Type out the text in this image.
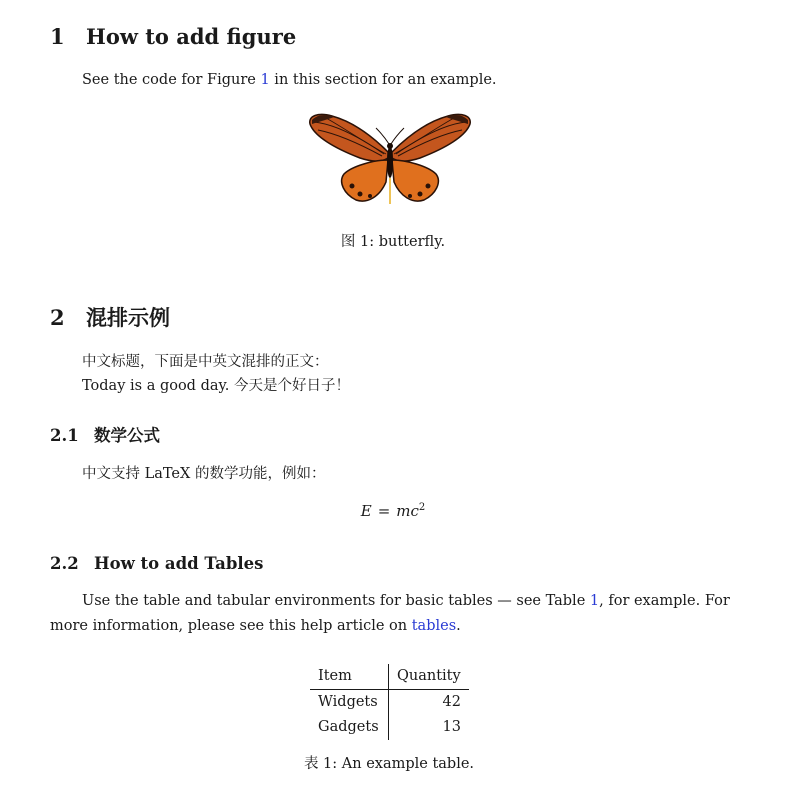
1 How to add figure
See the code for Figure 1 in this section for an example.
图 1: butterfly.
2 混排示例
中文标题，下面是中英文混排的正文：
Today is a good day. 今天是个好日子！
2.1 数学公式
中文支持 LaTeX 的数学功能，例如：
$E = mc^2$
2.2 How to add Tables
Use the table and tabular environments for basic tables — see Table 1, for example. For
more information, please see this help article on tables.
Item	Quantity
Widgets	42
Gadgets	13
表 1: An example table.
